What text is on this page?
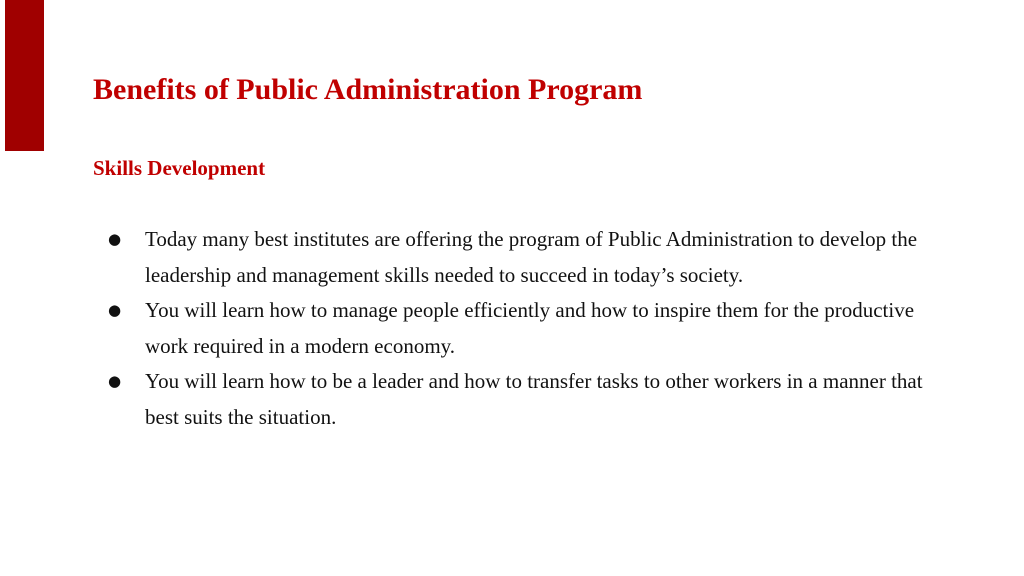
Benefits of Public Administration Program
Skills Development
● Today many best institutes are offering the program of Public Administration to develop the leadership and management skills needed to succeed in today’s society.
● You will learn how to manage people efficiently and how to inspire them for the productive work required in a modern economy.
● You will learn how to be a leader and how to transfer tasks to other workers in a manner that best suits the situation.
